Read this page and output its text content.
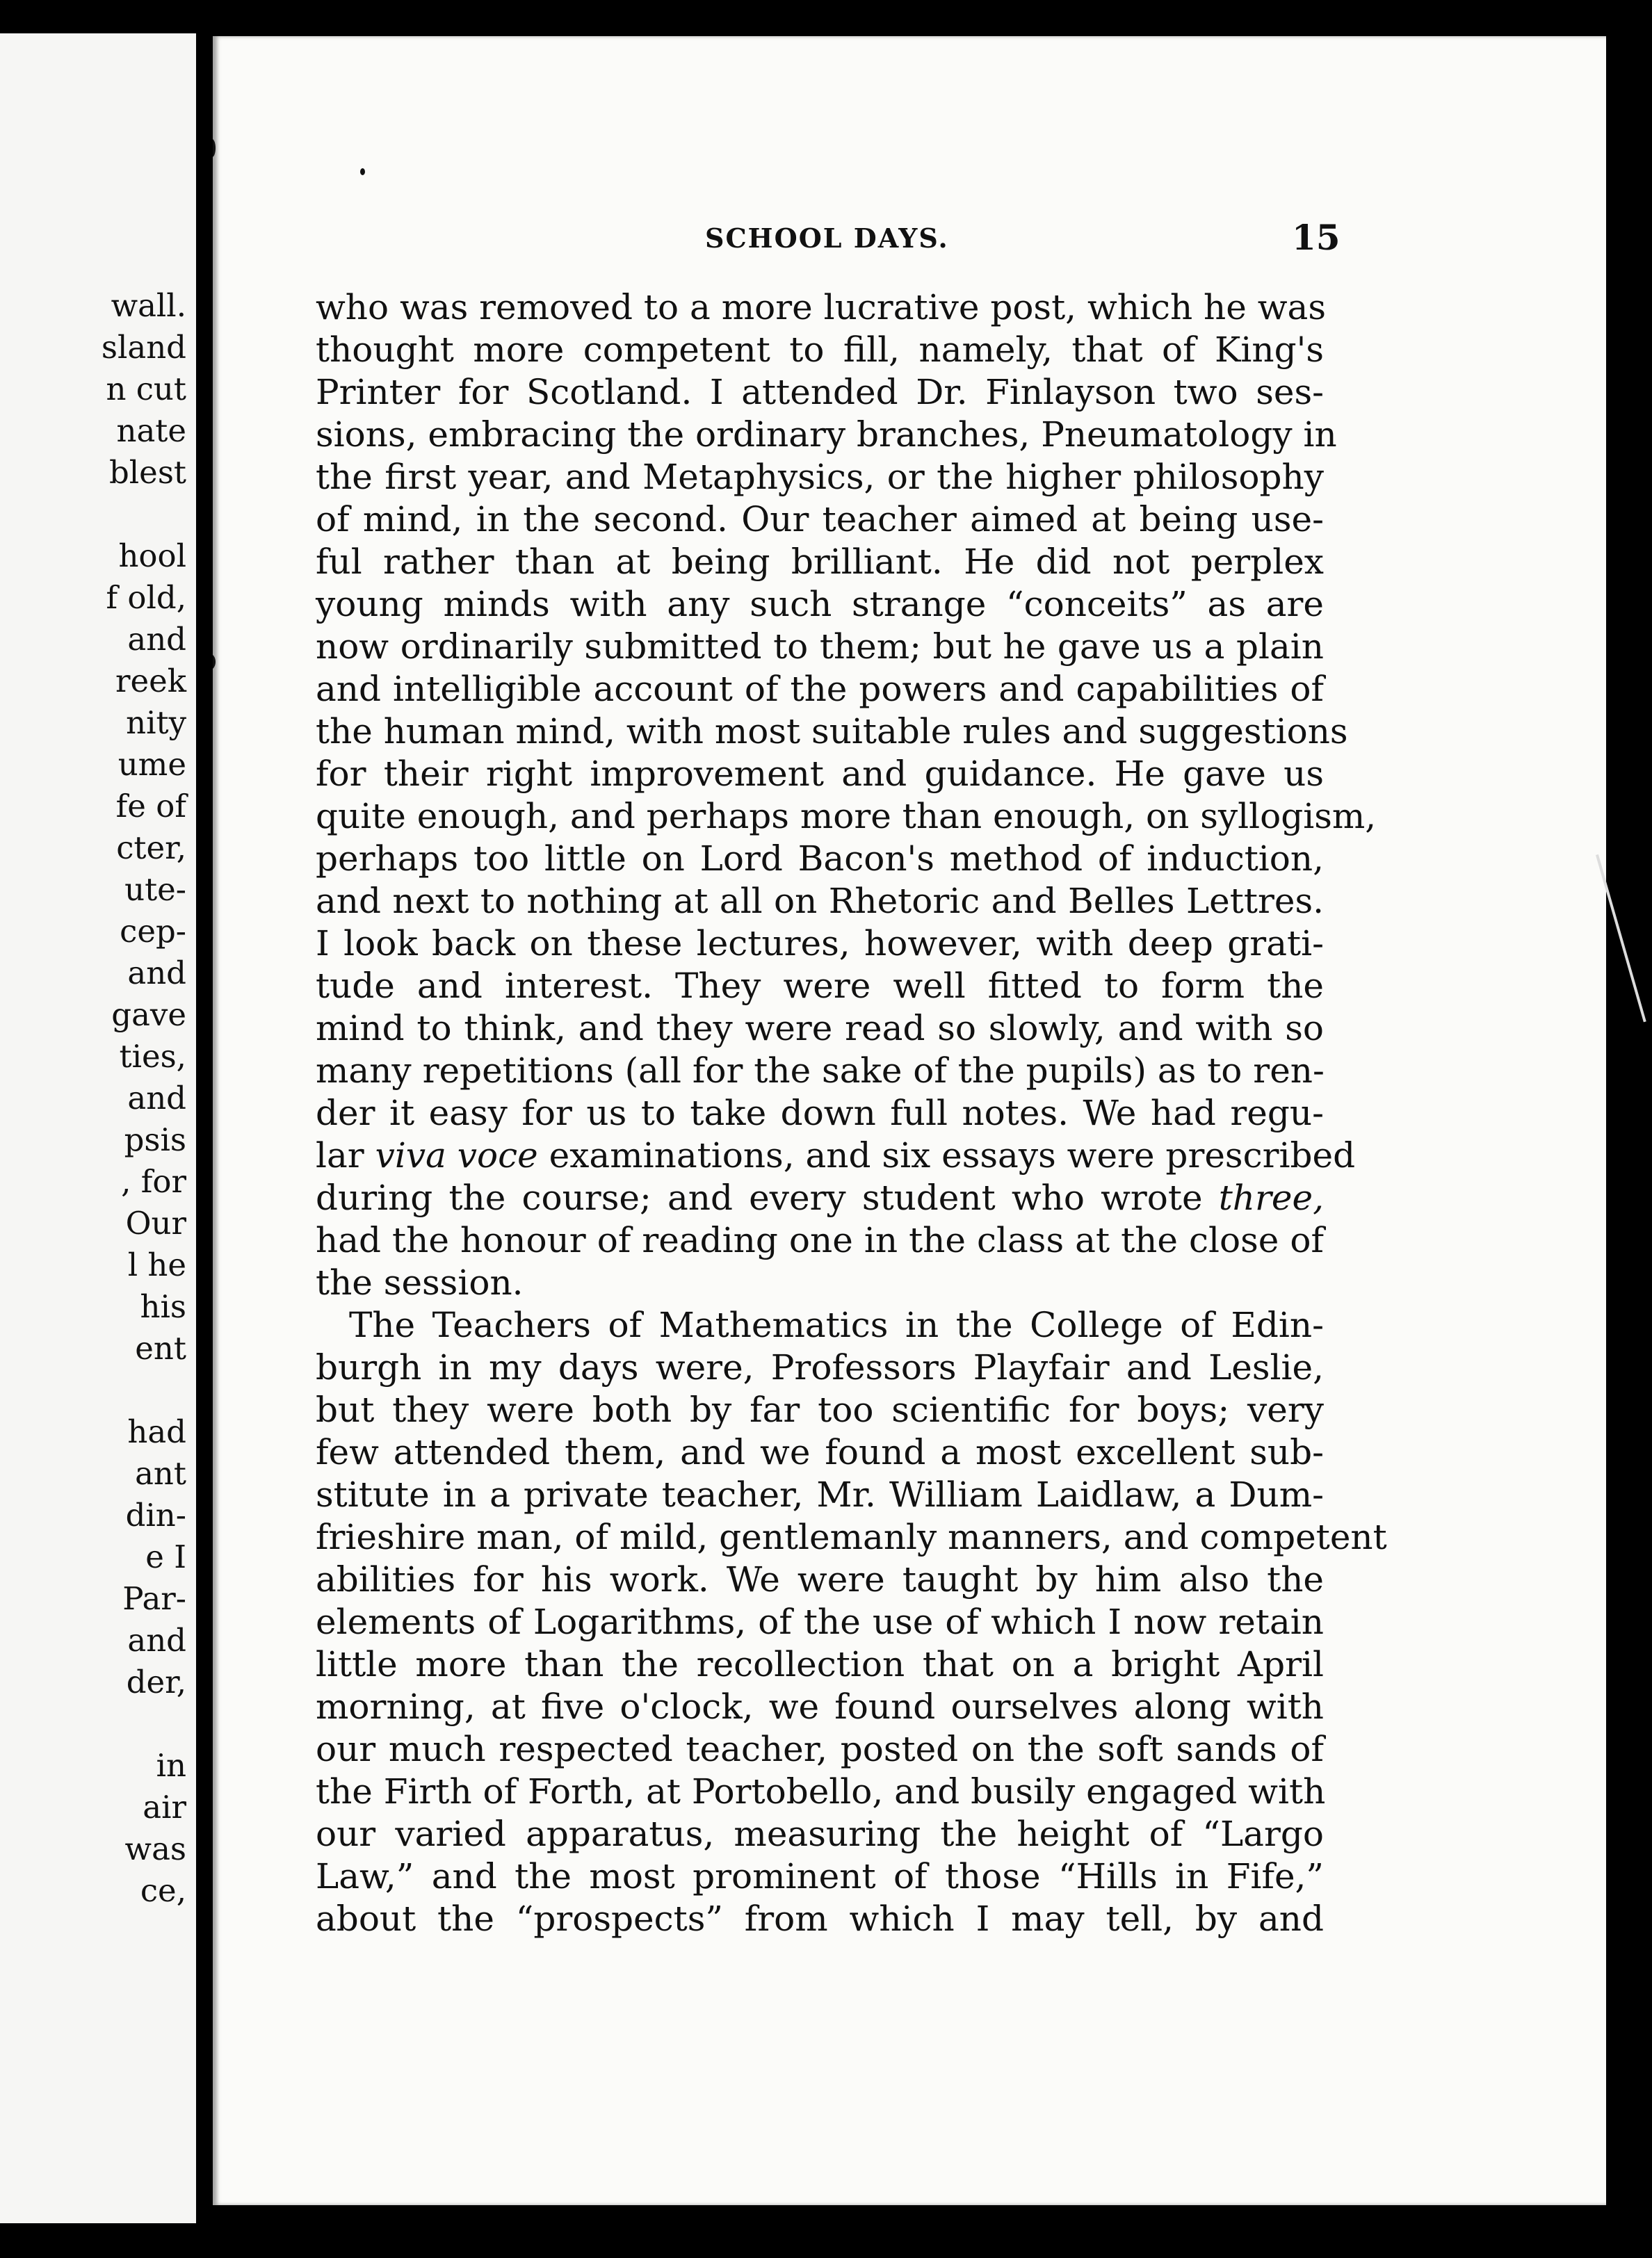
wall.
sland
n cut
nate
blest
hool
f old,
and
reek
nity
ume
fe of
cter,
ute-
cep-
and
gave
ties,
and
psis
, for
Our
l he
his
ent
had
ant
din-
e I
Par-
and
der,
in
air
was
ce,
SCHOOL DAYS.	15
who was removed to a more lucrative post, which he was
thought more competent to fill, namely, that of King's
Printer for Scotland. I attended Dr. Finlayson two ses-
sions, embracing the ordinary branches, Pneumatology in
the first year, and Metaphysics, or the higher philosophy
of mind, in the second. Our teacher aimed at being use-
ful rather than at being brilliant. He did not perplex
young minds with any such strange “conceits” as are
now ordinarily submitted to them; but he gave us a plain
and intelligible account of the powers and capabilities of
the human mind, with most suitable rules and suggestions
for their right improvement and guidance. He gave us
quite enough, and perhaps more than enough, on syllogism,
perhaps too little on Lord Bacon's method of induction,
and next to nothing at all on Rhetoric and Belles Lettres.
I look back on these lectures, however, with deep grati-
tude and interest. They were well fitted to form the
mind to think, and they were read so slowly, and with so
many repetitions (all for the sake of the pupils) as to ren-
der it easy for us to take down full notes. We had regu-
lar viva voce examinations, and six essays were prescribed
during the course; and every student who wrote three,
had the honour of reading one in the class at the close of
the session.
The Teachers of Mathematics in the College of Edin-
burgh in my days were, Professors Playfair and Leslie,
but they were both by far too scientific for boys; very
few attended them, and we found a most excellent sub-
stitute in a private teacher, Mr. William Laidlaw, a Dum-
frieshire man, of mild, gentlemanly manners, and competent
abilities for his work. We were taught by him also the
elements of Logarithms, of the use of which I now retain
little more than the recollection that on a bright April
morning, at five o'clock, we found ourselves along with
our much respected teacher, posted on the soft sands of
the Firth of Forth, at Portobello, and busily engaged with
our varied apparatus, measuring the height of “Largo
Law,” and the most prominent of those “Hills in Fife,”
about the “prospects” from which I may tell, by and
